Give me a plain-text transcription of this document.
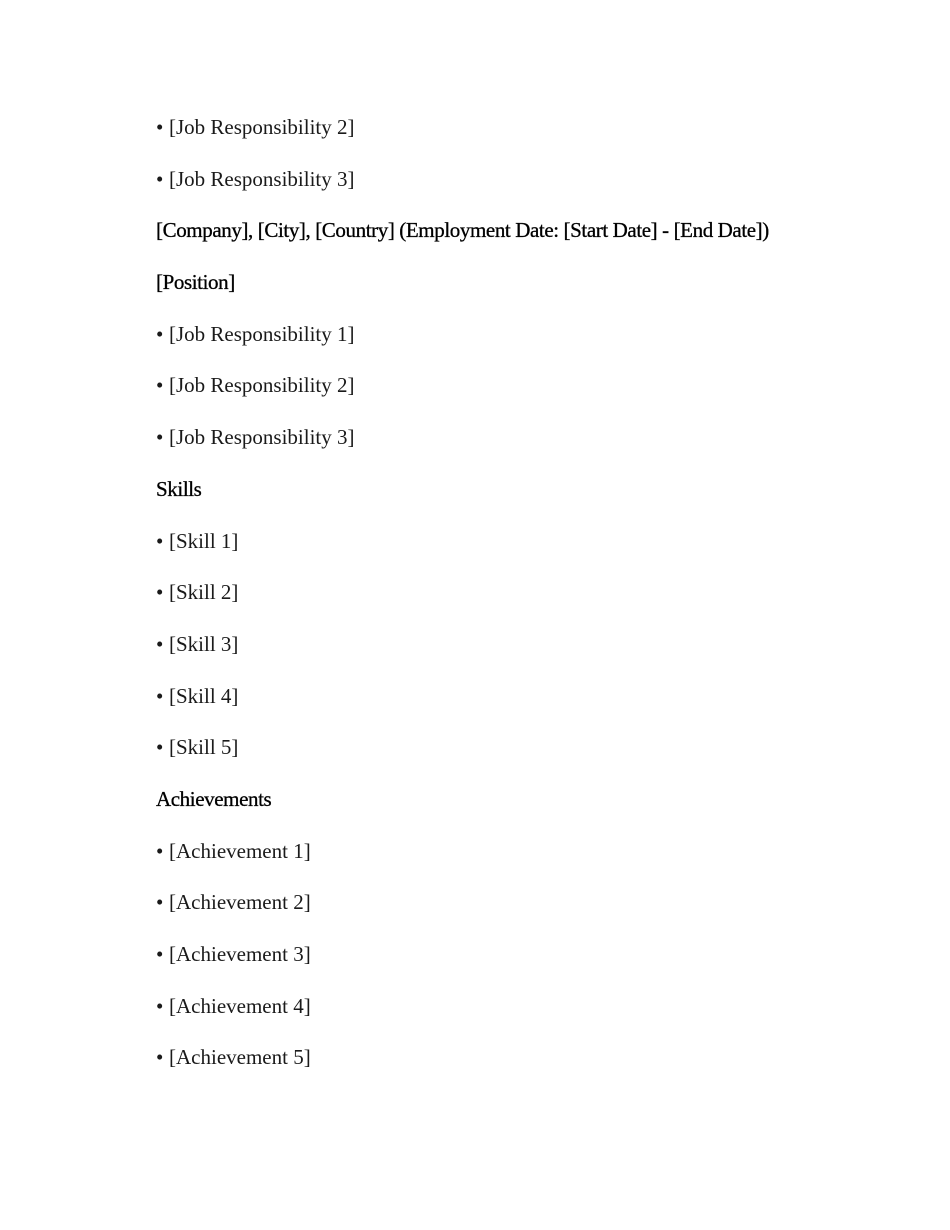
• [Job Responsibility 2]
• [Job Responsibility 3]
[Company], [City], [Country] (Employment Date: [Start Date] - [End Date])
[Position]
• [Job Responsibility 1]
• [Job Responsibility 2]
• [Job Responsibility 3]
Skills
• [Skill 1]
• [Skill 2]
• [Skill 3]
• [Skill 4]
• [Skill 5]
Achievements
• [Achievement 1]
• [Achievement 2]
• [Achievement 3]
• [Achievement 4]
• [Achievement 5]
